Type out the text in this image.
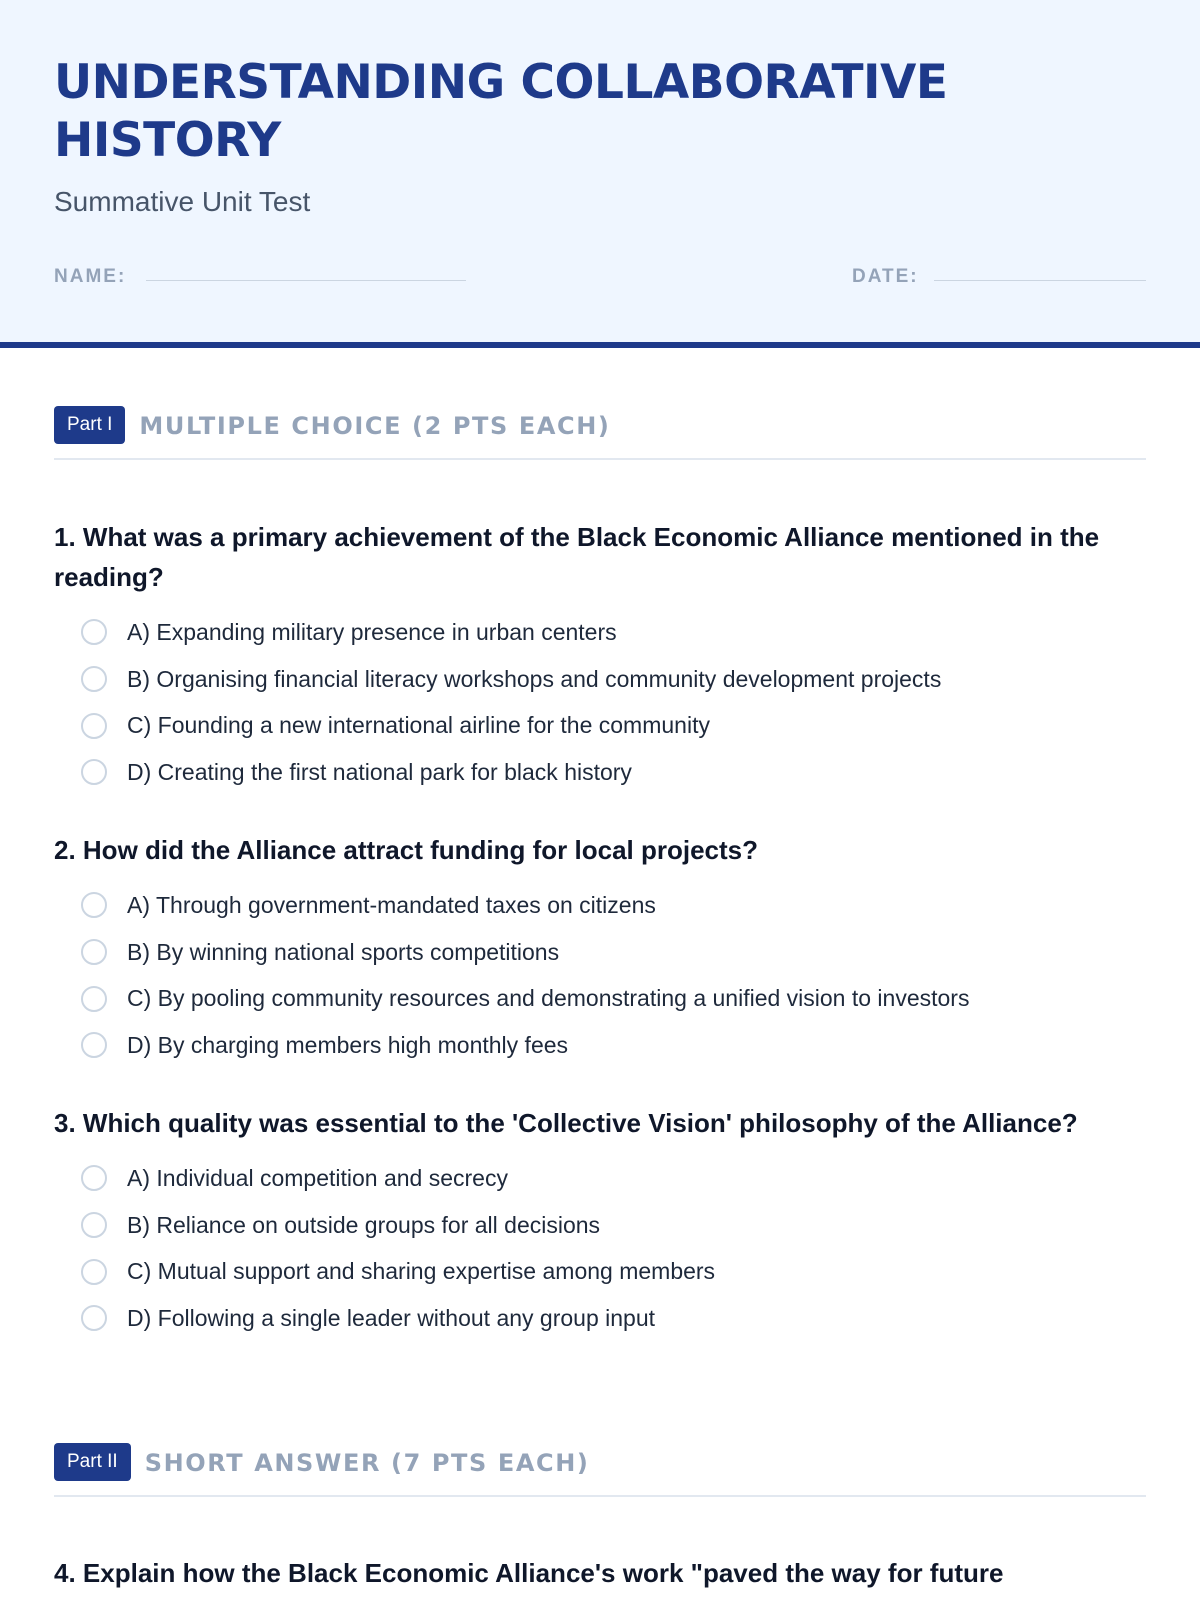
UNDERSTANDING COLLABORATIVE HISTORY
Summative Unit Test
NAME:	DATE:
Part I	MULTIPLE CHOICE (2 PTS EACH)
1. What was a primary achievement of the Black Economic Alliance mentioned in the reading?
A) Expanding military presence in urban centers
B) Organising financial literacy workshops and community development projects
C) Founding a new international airline for the community
D) Creating the first national park for black history
2. How did the Alliance attract funding for local projects?
A) Through government-mandated taxes on citizens
B) By winning national sports competitions
C) By pooling community resources and demonstrating a unified vision to investors
D) By charging members high monthly fees
3. Which quality was essential to the 'Collective Vision' philosophy of the Alliance?
A) Individual competition and secrecy
B) Reliance on outside groups for all decisions
C) Mutual support and sharing expertise among members
D) Following a single leader without any group input
Part II	SHORT ANSWER (7 PTS EACH)
4. Explain how the Black Economic Alliance's work "paved the way for future
